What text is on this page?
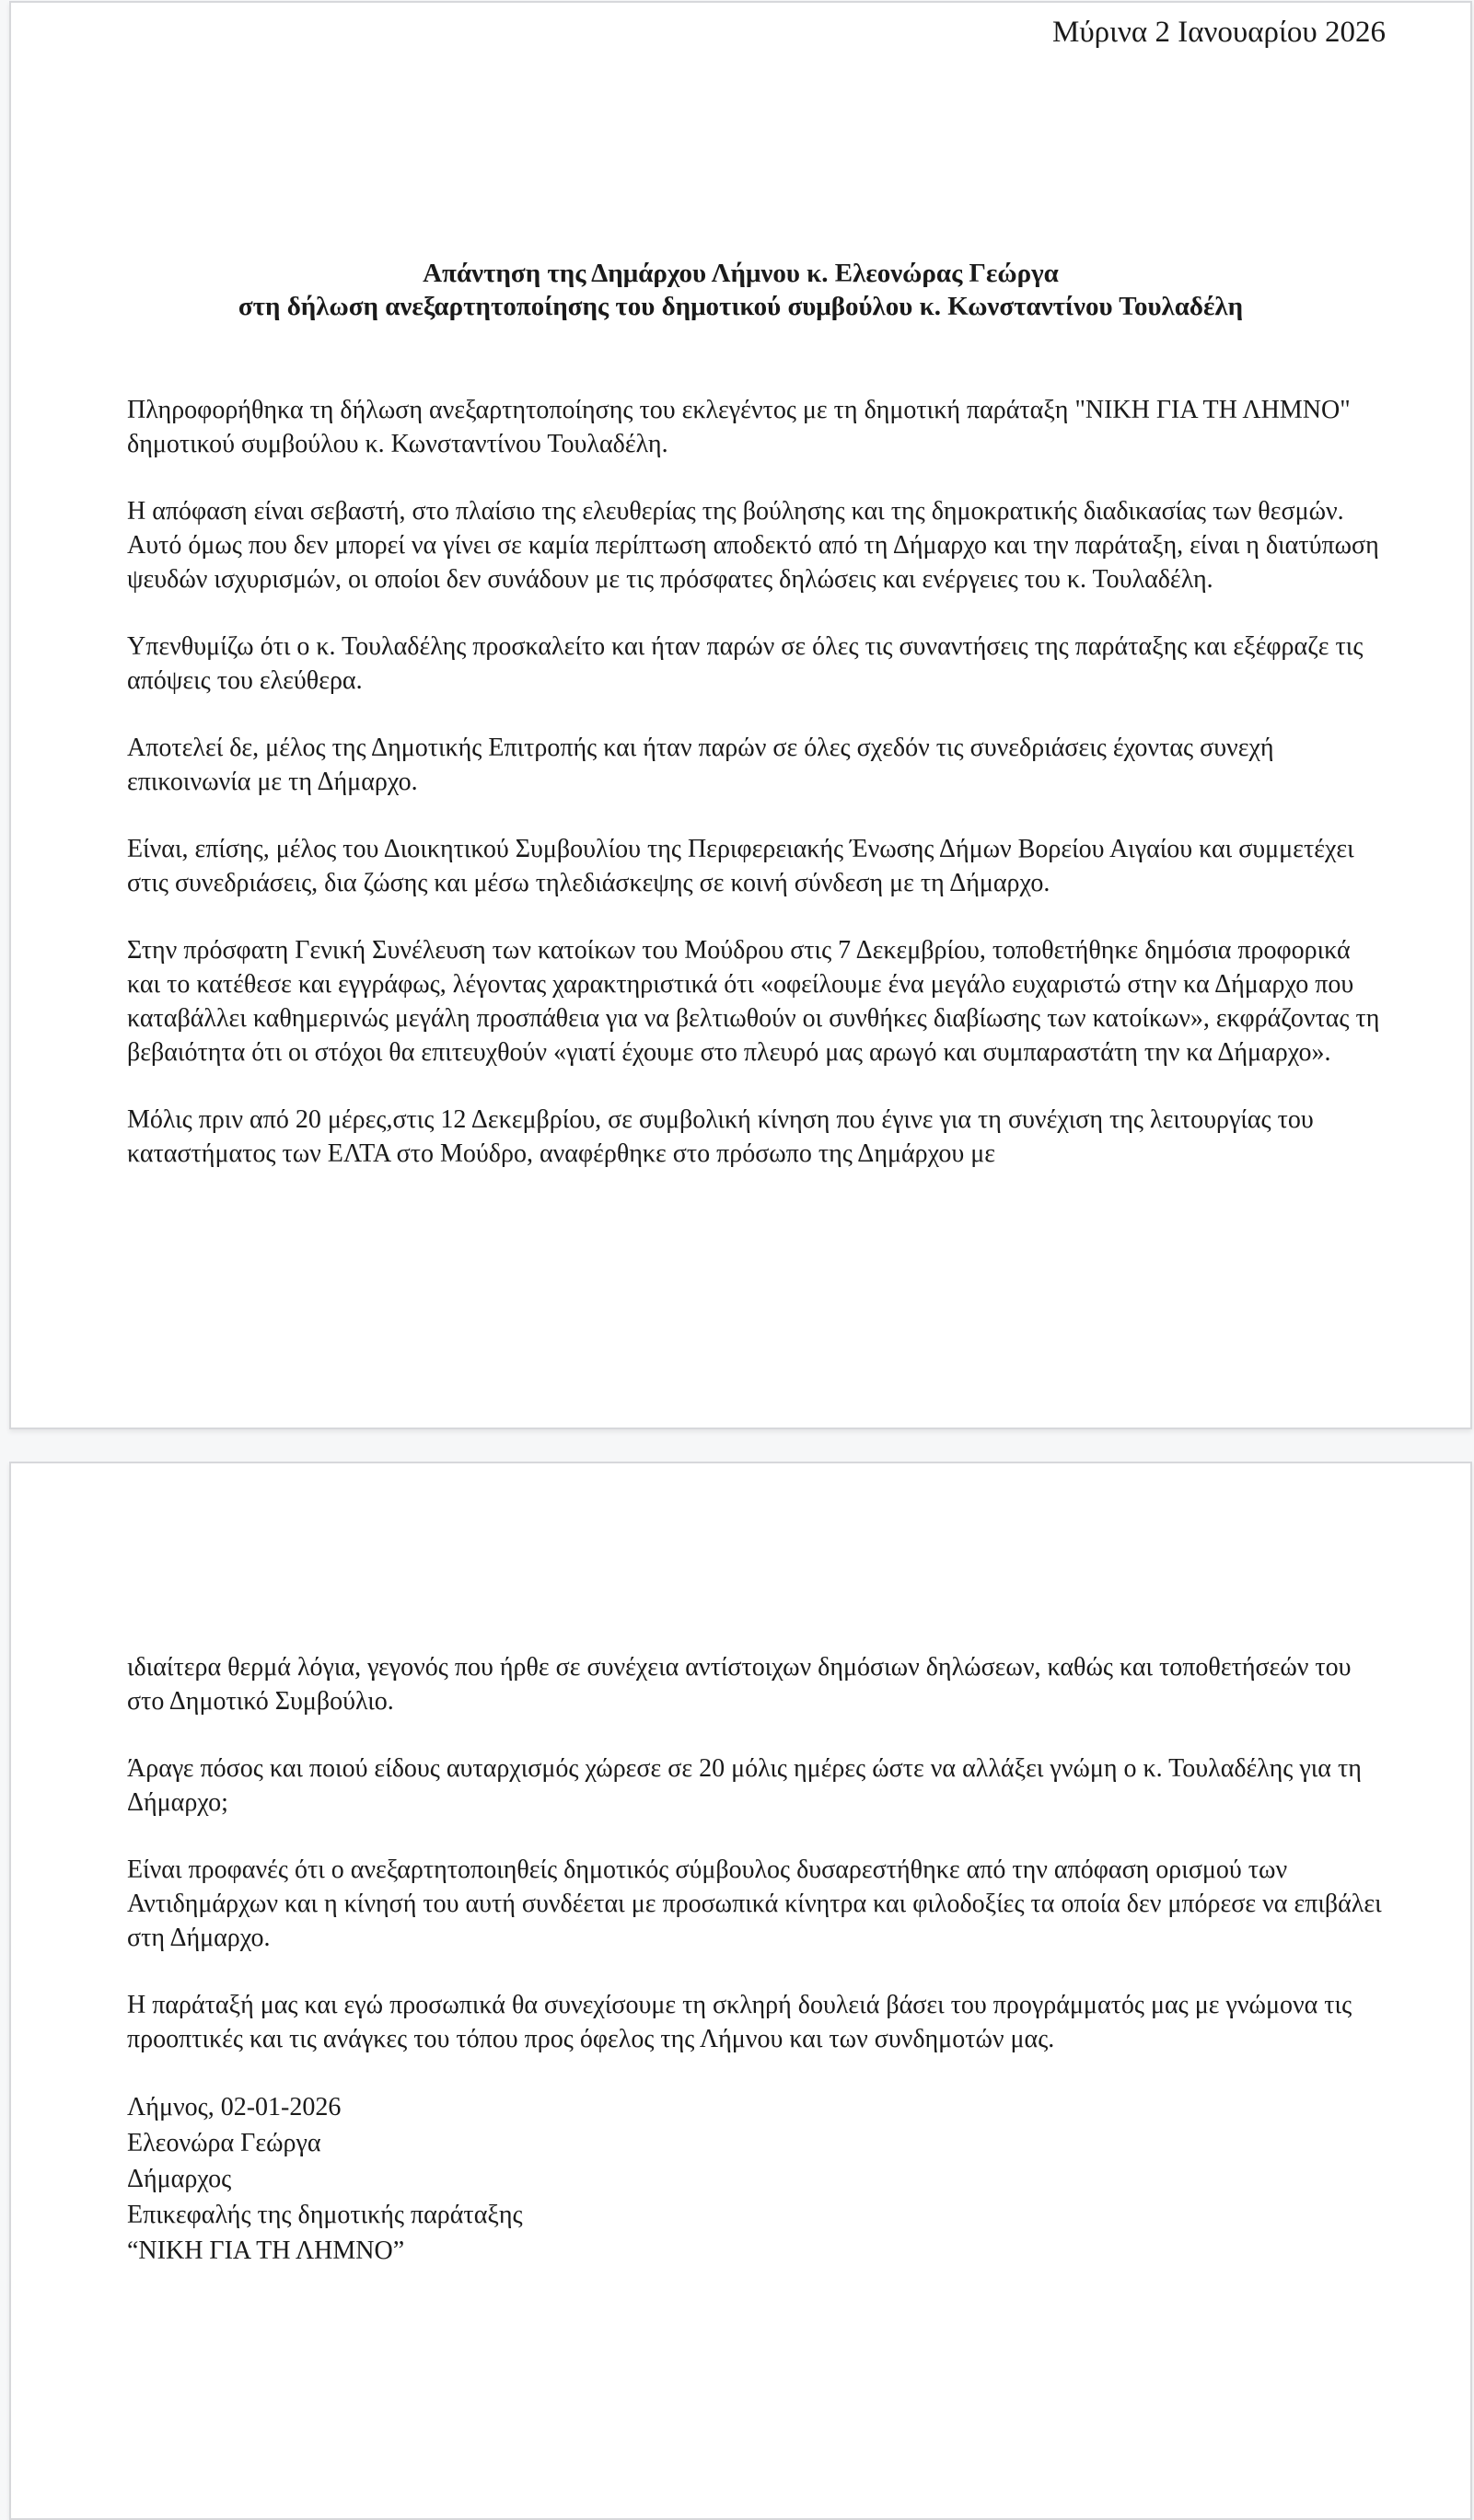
Μύρινα 2 Ιανουαρίου 2026
Απάντηση της Δημάρχου Λήμνου κ. Ελεονώρας Γεώργα
στη δήλωση ανεξαρτητοποίησης του δημοτικού συμβούλου κ. Κωνσταντίνου Τουλαδέλη

Πληροφορήθηκα τη δήλωση ανεξαρτητοποίησης του εκλεγέντος με τη δημοτική παράταξη "ΝΙΚΗ ΓΙΑ ΤΗ ΛΗΜΝΟ" δημοτικού συμβούλου κ. Κωνσταντίνου Τουλαδέλη.

Η απόφαση είναι σεβαστή, στο πλαίσιο της ελευθερίας της βούλησης και της δημοκρατικής διαδικασίας των θεσμών. Αυτό όμως που δεν μπορεί να γίνει σε καμία περίπτωση αποδεκτό από τη Δήμαρχο και την παράταξη, είναι η διατύπωση ψευδών ισχυρισμών, οι οποίοι δεν συνάδουν με τις πρόσφατες δηλώσεις και ενέργειες του κ. Τουλαδέλη.

Υπενθυμίζω ότι ο κ. Τουλαδέλης προσκαλείτο και ήταν παρών σε όλες τις συναντήσεις της παράταξης και εξέφραζε τις απόψεις του ελεύθερα.

Αποτελεί δε, μέλος της Δημοτικής Επιτροπής και ήταν παρών σε όλες σχεδόν τις συνεδριάσεις έχοντας συνεχή επικοινωνία με τη Δήμαρχο.

Είναι, επίσης, μέλος του Διοικητικού Συμβουλίου της Περιφερειακής Ένωσης Δήμων Βορείου Αιγαίου και συμμετέχει στις συνεδριάσεις, δια ζώσης και μέσω τηλεδιάσκεψης σε κοινή σύνδεση με τη Δήμαρχο.

Στην πρόσφατη Γενική Συνέλευση των κατοίκων του Μούδρου στις 7 Δεκεμβρίου, τοποθετήθηκε δημόσια προφορικά και το κατέθεσε και εγγράφως, λέγοντας χαρακτηριστικά ότι «οφείλουμε ένα μεγάλο ευχαριστώ στην κα Δήμαρχο που καταβάλλει καθημερινώς μεγάλη προσπάθεια για να βελτιωθούν οι συνθήκες διαβίωσης των κατοίκων», εκφράζοντας τη βεβαιότητα ότι οι στόχοι θα επιτευχθούν «γιατί έχουμε στο πλευρό μας αρωγό και συμπαραστάτη την κα Δήμαρχο».

Μόλις πριν από 20 μέρες,στις 12 Δεκεμβρίου, σε συμβολική κίνηση που έγινε για τη συνέχιση της λειτουργίας του καταστήματος των ΕΛΤΑ στο Μούδρο, αναφέρθηκε στο πρόσωπο της Δημάρχου με

ιδιαίτερα θερμά λόγια, γεγονός που ήρθε σε συνέχεια αντίστοιχων δημόσιων δηλώσεων, καθώς και τοποθετήσεών του στο Δημοτικό Συμβούλιο.

Άραγε πόσος και ποιού είδους αυταρχισμός χώρεσε σε 20 μόλις ημέρες ώστε να αλλάξει γνώμη ο κ. Τουλαδέλης για τη Δήμαρχο;

Είναι προφανές ότι ο ανεξαρτητοποιηθείς δημοτικός σύμβουλος δυσαρεστήθηκε από την απόφαση ορισμού των Αντιδημάρχων και η κίνησή του αυτή συνδέεται με προσωπικά κίνητρα και φιλοδοξίες τα οποία δεν μπόρεσε να επιβάλει στη Δήμαρχο.

Η παράταξή μας και εγώ προσωπικά θα συνεχίσουμε τη σκληρή δουλειά βάσει του προγράμματός μας με γνώμονα τις προοπτικές και τις ανάγκες του τόπου προς όφελος της Λήμνου και των συνδημοτών μας.

Λήμνος, 02-01-2026
Ελεονώρα Γεώργα
Δήμαρχος
Επικεφαλής της δημοτικής παράταξης
“ΝΙΚΗ ΓΙΑ ΤΗ ΛΗΜΝΟ”
